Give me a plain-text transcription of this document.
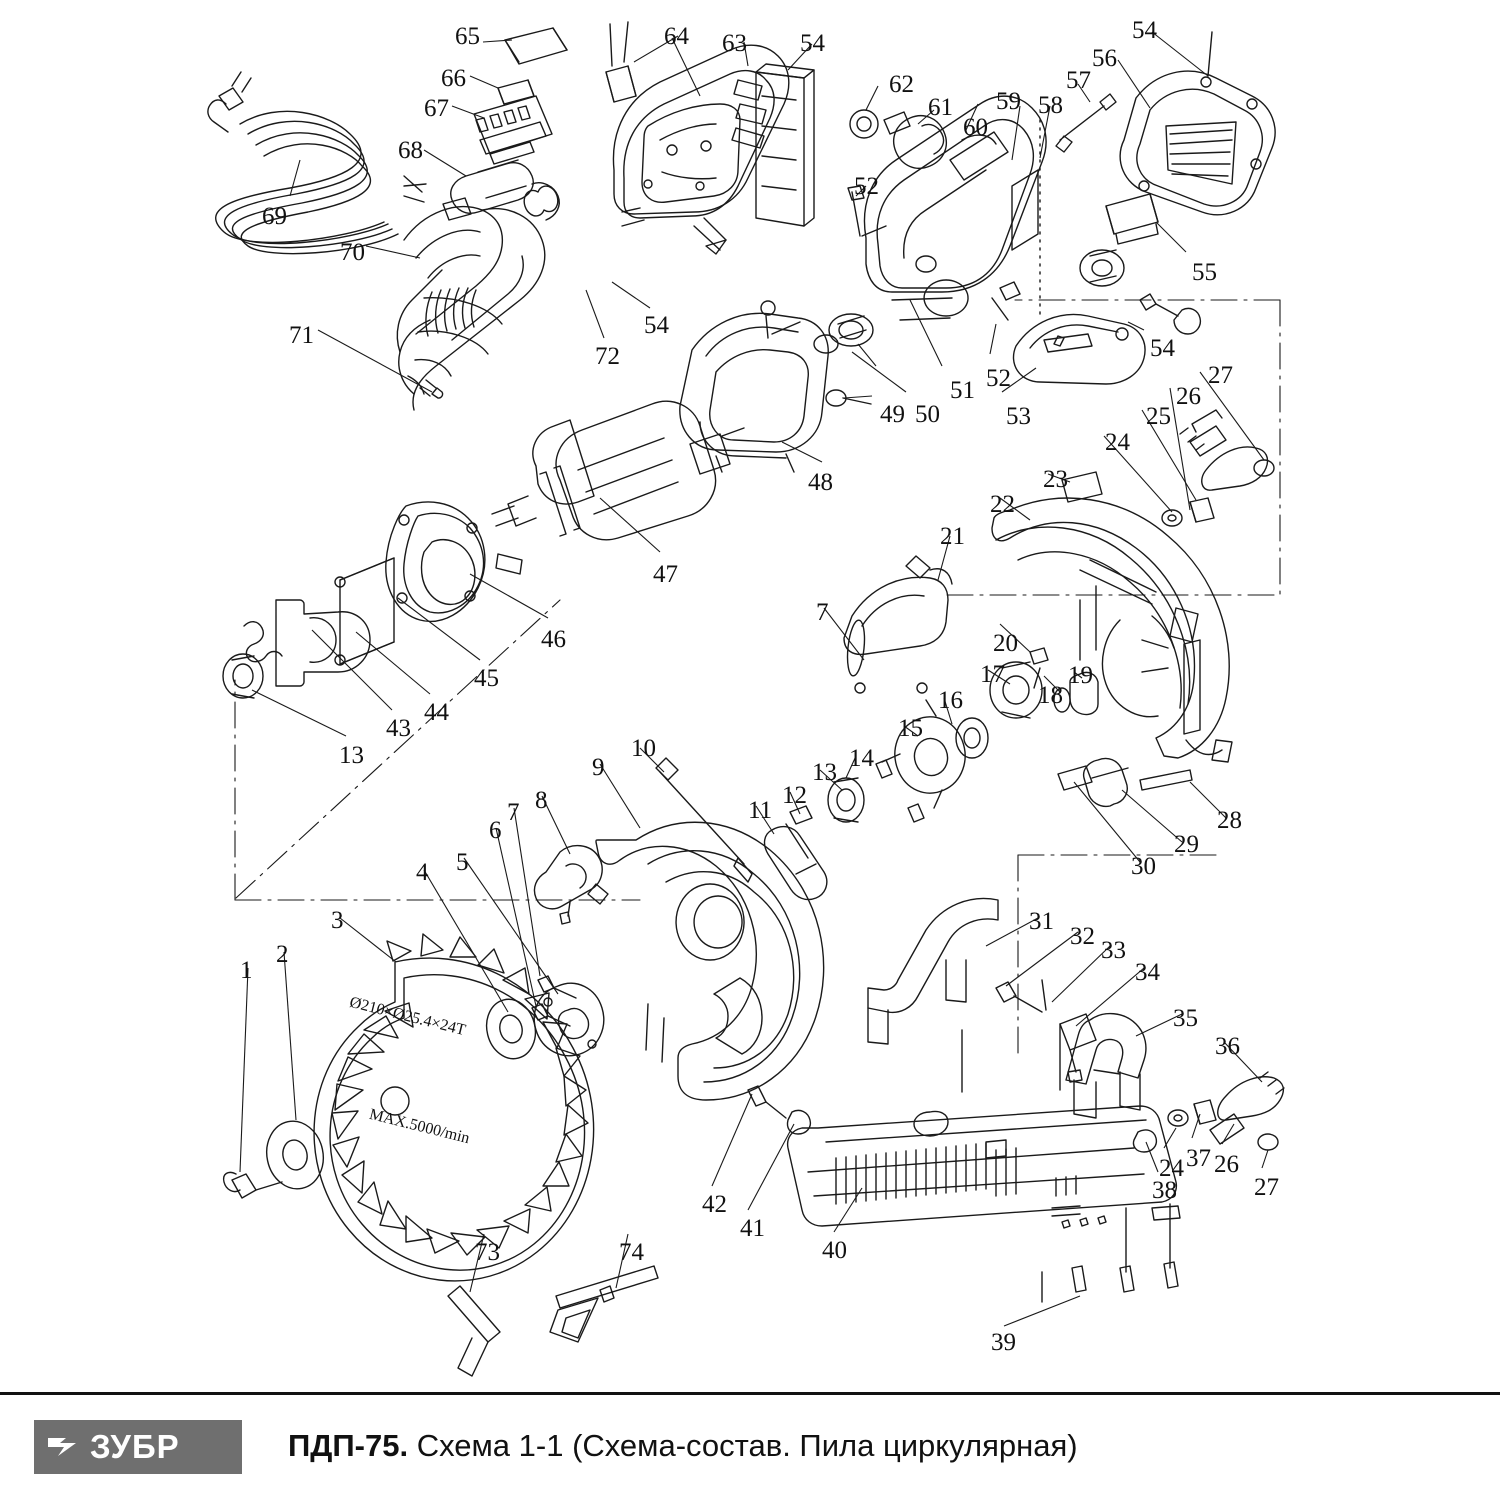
Ø210×Ø25.4×24T
MAX.5000/min
65	64 63 54	54
56
66	62
61 59 58
57
67
60
68
52
55
69
70
54
72
71	54
52
51
50	53
27
26
25
24
49
48	23
22
47
46
45
44
43
13
21
7
20
17
18
19
16
15
10
9	13
14
12
11
8
7
6
5
4
3
2
1
28
29
30
31
32
33
34
35
36
24 37 26
27
38
42
41
40
73	74
39
ЗУБР	ПДП-75. Схема 1-1 (Схема-состав. Пила циркулярная)
